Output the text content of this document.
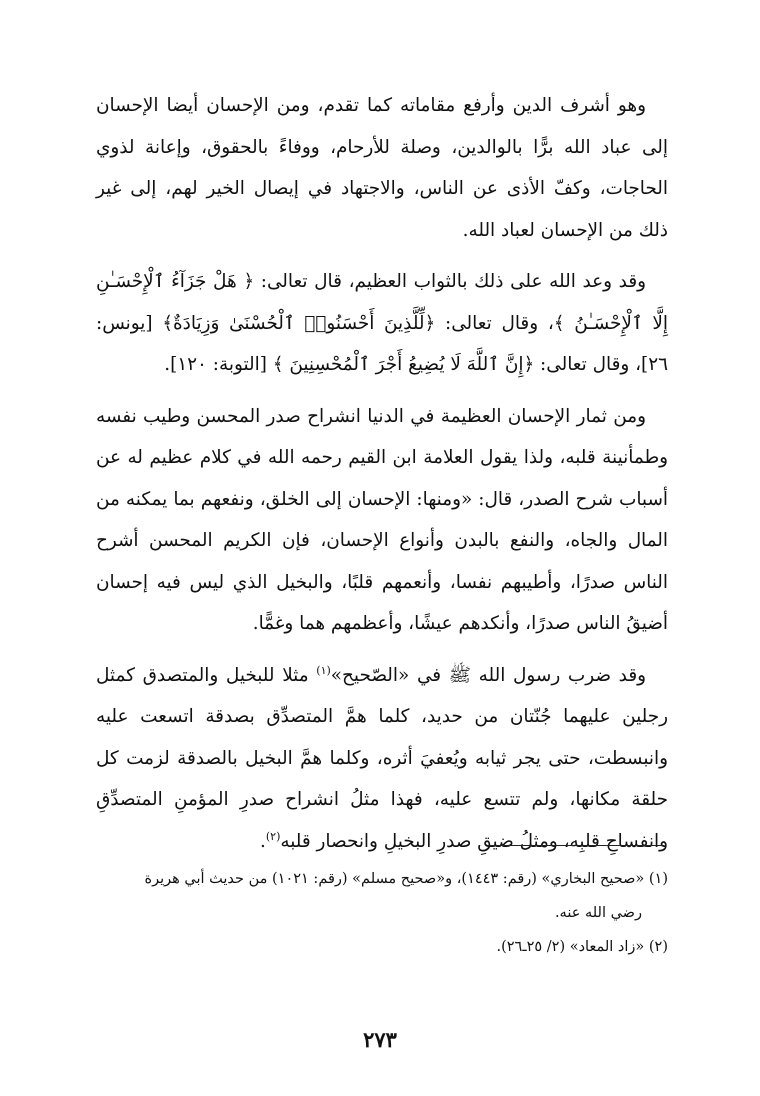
وهو أشرف الدين وأرفع مقاماته كما تقدم، ومن الإحسان أيضا الإحسان إلى عباد الله برًّا بالوالدين، وصلة للأرحام، ووفاءً بالحقوق، وإعانة لذوي الحاجات، وكفّ الأذى عن الناس، والاجتهاد في إيصال الخير لهم، إلى غير ذلك من الإحسان لعباد الله.

وقد وعد الله على ذلك بالثواب العظيم، قال تعالى: ﴿ هَلْ جَزَآءُ ٱلْإِحْسَـٰنِ إِلَّا ٱلْإِحْسَـٰنُ ﴾، وقال تعالى: ﴿لِّلَّذِينَ أَحْسَنُوا۟ ٱلْحُسْنَىٰ وَزِيَادَةٌ﴾ [يونس: ٢٦]، وقال تعالى: ﴿إِنَّ ٱللَّهَ لَا يُضِيعُ أَجْرَ ٱلْمُحْسِنِينَ ﴾ [التوبة: ١٢٠].

ومن ثمار الإحسان العظيمة في الدنيا انشراح صدر المحسن وطيب نفسه وطمأنينة قلبه، ولذا يقول العلامة ابن القيم رحمه الله في كلام عظيم له عن أسباب شرح الصدر، قال: «ومنها: الإحسان إلى الخلق، ونفعهم بما يمكنه من المال والجاه، والنفع بالبدن وأنواع الإحسان، فإن الكريم المحسن أشرح الناس صدرًا، وأطيبهم نفسا، وأنعمهم قلبًا، والبخيل الذي ليس فيه إحسان أضيقُ الناس صدرًا، وأنكدهم عيشًا، وأعظمهم هما وغمًّا.

وقد ضرب رسول الله ﷺ في «الصّحيح»$^{(١)}$ مثلا للبخيل والمتصدق كمثل رجلين عليهما جُنّتان من حديد، كلما همَّ المتصدِّق بصدقة اتسعت عليه وانبسطت، حتى يجر ثيابه ويُعفيَ أثره، وكلما همَّ البخيل بالصدقة لزمت كل حلقة مكانها، ولم تتسع عليه، فهذا مثلُ انشراح صدرِ المؤمنِ المتصدِّقِ وانفساحِ قلبِه، ومثلُ ضيقِ صدرِ البخيلِ وانحصار قلبه$^{(٢)}$.

(١) «صحيح البخاري» (رقم: ١٤٤٣)، و«صحيح مسلم» (رقم: ١٠٢١) من حديث أبي هريرة

رضي الله عنه.

(٢) «زاد المعاد» (٢/ ٢٥ـ٢٦).

٢٧٣
